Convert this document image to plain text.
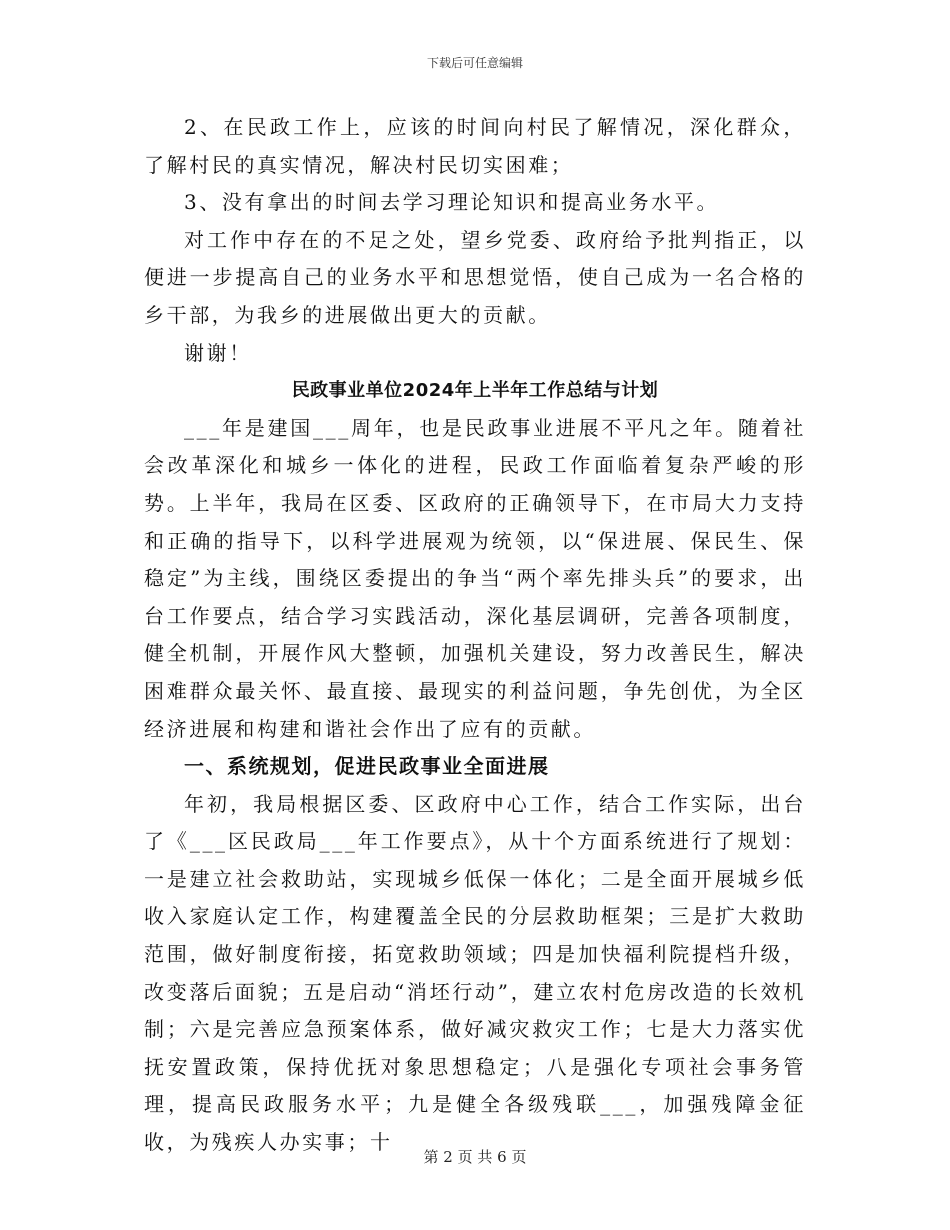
下载后可任意编辑

2、在民政工作上，应该的时间向村民了解情况，深化群众，了解村民的真实情况，解决村民切实困难；

3、没有拿出的时间去学习理论知识和提高业务水平。

对工作中存在的不足之处，望乡党委、政府给予批判指正，以便进一步提高自己的业务水平和思想觉悟，使自己成为一名合格的乡干部，为我乡的进展做出更大的贡献。

谢谢！

民政事业单位2024年上半年工作总结与计划

___年是建国___周年，也是民政事业进展不平凡之年。随着社会改革深化和城乡一体化的进程，民政工作面临着复杂严峻的形势。上半年，我局在区委、区政府的正确领导下，在市局大力支持和正确的指导下，以科学进展观为统领，以“保进展、保民生、保稳定”为主线，围绕区委提出的争当“两个率先排头兵”的要求，出台工作要点，结合学习实践活动，深化基层调研，完善各项制度，健全机制，开展作风大整顿，加强机关建设，努力改善民生，解决困难群众最关怀、最直接、最现实的利益问题，争先创优，为全区经济进展和构建和谐社会作出了应有的贡献。

一、系统规划，促进民政事业全面进展

年初，我局根据区委、区政府中心工作，结合工作实际，出台了《___区民政局___年工作要点》，从十个方面系统进行了规划：一是建立社会救助站，实现城乡低保一体化；二是全面开展城乡低收入家庭认定工作，构建覆盖全民的分层救助框架；三是扩大救助范围，做好制度衔接，拓宽救助领域；四是加快福利院提档升级，改变落后面貌；五是启动“消坯行动”，建立农村危房改造的长效机制；六是完善应急预案体系，做好减灾救灾工作；七是大力落实优抚安置政策，保持优抚对象思想稳定；八是强化专项社会事务管理，提高民政服务水平；九是健全各级残联___，加强残障金征收，为残疾人办实事；十

第 2 页 共 6 页
